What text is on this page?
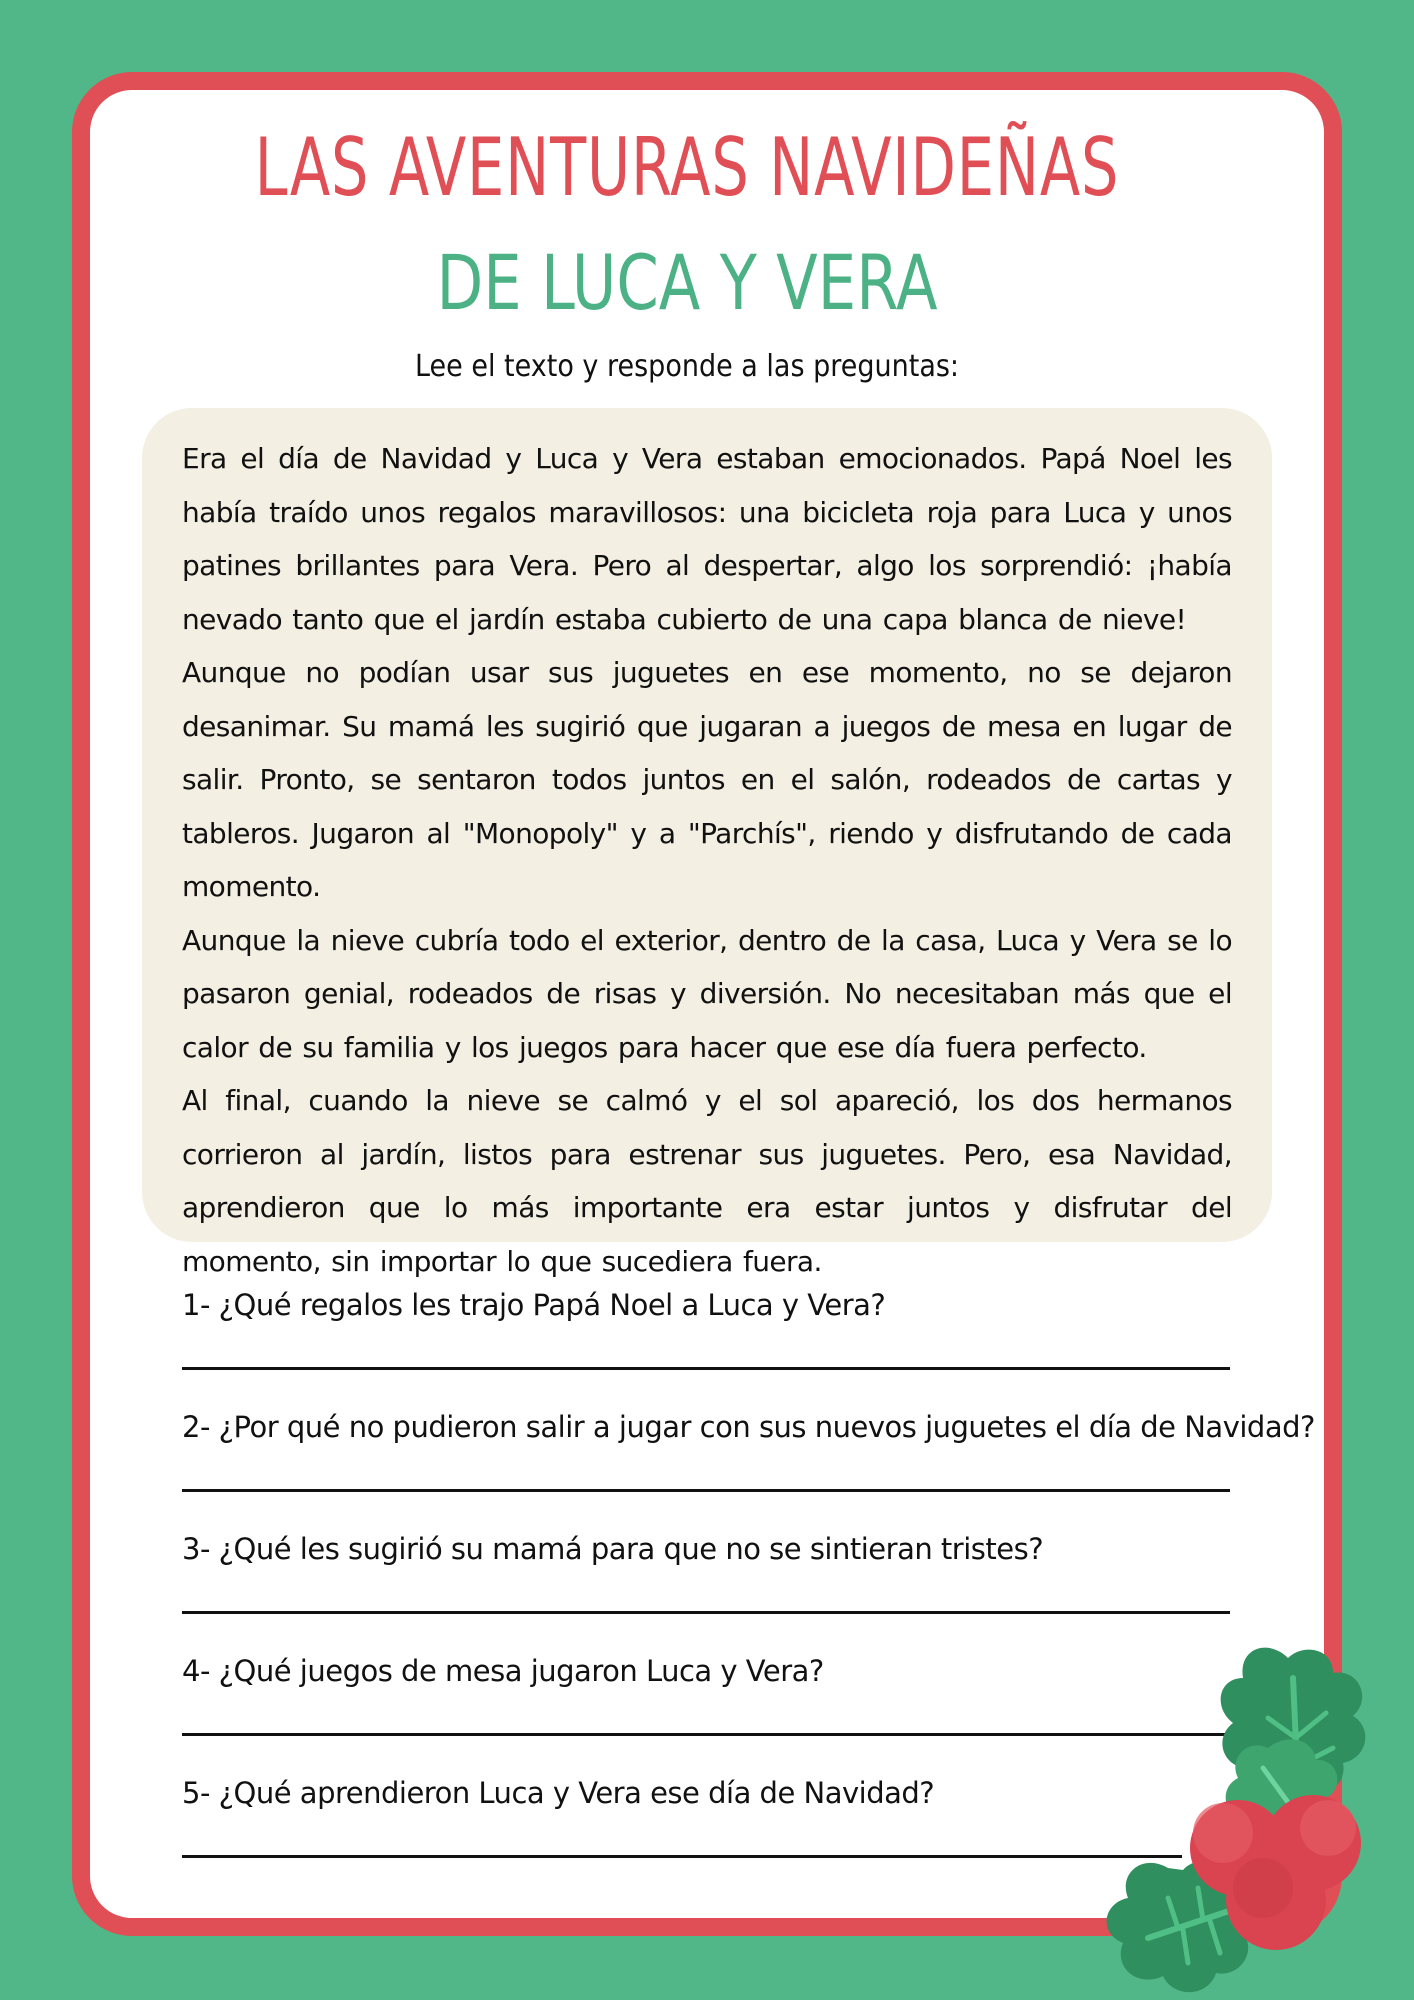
LAS AVENTURAS NAVIDEÑAS
DE LUCA Y VERA
Lee el texto y responde a las preguntas:

Era el día de Navidad y Luca y Vera estaban emocionados. Papá Noel les había traído unos regalos maravillosos: una bicicleta roja para Luca y unos patines brillantes para Vera. Pero al despertar, algo los sorprendió: ¡había nevado tanto que el jardín estaba cubierto de una capa blanca de nieve!

Aunque no podían usar sus juguetes en ese momento, no se dejaron desanimar. Su mamá les sugirió que jugaran a juegos de mesa en lugar de salir. Pronto, se sentaron todos juntos en el salón, rodeados de cartas y tableros. Jugaron al "Monopoly" y a "Parchís", riendo y disfrutando de cada momento.

Aunque la nieve cubría todo el exterior, dentro de la casa, Luca y Vera se lo pasaron genial, rodeados de risas y diversión. No necesitaban más que el calor de su familia y los juegos para hacer que ese día fuera perfecto.

Al final, cuando la nieve se calmó y el sol apareció, los dos hermanos corrieron al jardín, listos para estrenar sus juguetes. Pero, esa Navidad, aprendieron que lo más importante era estar juntos y disfrutar del momento, sin importar lo que sucediera fuera.

1- ¿Qué regalos les trajo Papá Noel a Luca y Vera?
2- ¿Por qué no pudieron salir a jugar con sus nuevos juguetes el día de Navidad?
3- ¿Qué les sugirió su mamá para que no se sintieran tristes?
4- ¿Qué juegos de mesa jugaron Luca y Vera?
5- ¿Qué aprendieron Luca y Vera ese día de Navidad?
